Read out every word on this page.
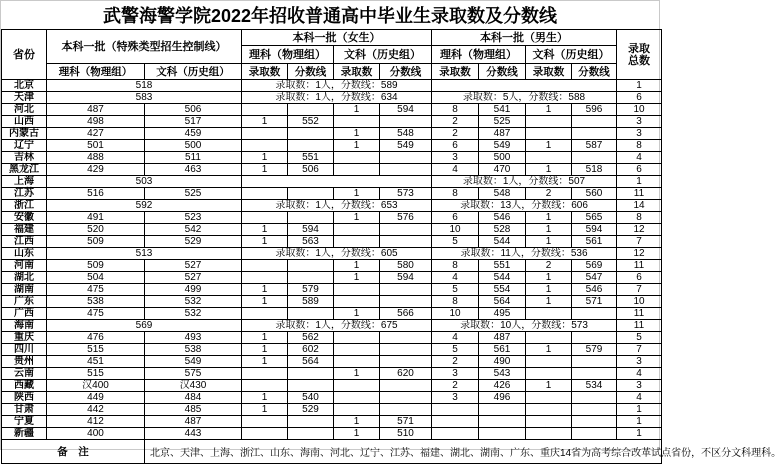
武警海警学院2022年招收普通高中毕业生录取数及分数线
省份	本科一批（特殊类型招生控制线）		本科一批（女生）				本科一批（男生）				录取总数

			理科（物理组）		文科（历史组）		理科（物理组）		文科（历史组）		
	理科（物理组）	文科（历史组）	录取数	分数线	录取数	分数线	录取数	分数线	录取数	分数线	
北京	518		录取数：1人，分数线：589								1
天津	583		录取数：1人，分数线：634				录取数：5人，分数线：588				6
河北	487	506			1	594	8	541	1	596	10
山西	498	517	1	552			2	525			3
内蒙古	427	459			1	548	2	487			3
辽宁	501	500			1	549	6	549	1	587	8
吉林	488	511	1	551			3	500			4
黑龙江	429	463	1	506			4	470	1	518	6
上海	503						录取数：1人，分数线：507				1
江苏	516	525			1	573	8	548	2	560	11
浙江	592		录取数：1人，分数线：653				录取数：13人，分数线：606				14
安徽	491	523			1	576	6	546	1	565	8
福建	520	542	1	594			10	528	1	594	12
江西	509	529	1	563			5	544	1	561	7
山东	513		录取数：1人，分数线：605				录取数：11人，分数线：536				12
河南	509	527			1	580	8	551	2	569	11
湖北	504	527			1	594	4	544	1	547	6
湖南	475	499	1	579			5	554	1	546	7
广东	538	532	1	589			8	564	1	571	10
广西	475	532			1	566	10	495			11
海南	569		录取数：1人，分数线：675				录取数：10人，分数线：573				11
重庆	476	493	1	562			4	487			5
四川	515	538	1	602			5	561	1	579	7
贵州	451	549	1	564			2	490			3
云南	515	575			1	620	3	543			4
西藏	汉400	汉430					2	426	1	534	3
陕西	449	484	1	540			3	496			4
甘肃	442	485	1	529							1
宁夏	412	487			1	571					1
新疆	400	443			1	510					1
备　注		北京、天津、上海、浙江、山东、海南、河北、辽宁、江苏、福建、湖北、湖南、广东、重庆14省为高考综合改革试点省份，不区分文科理科。									
